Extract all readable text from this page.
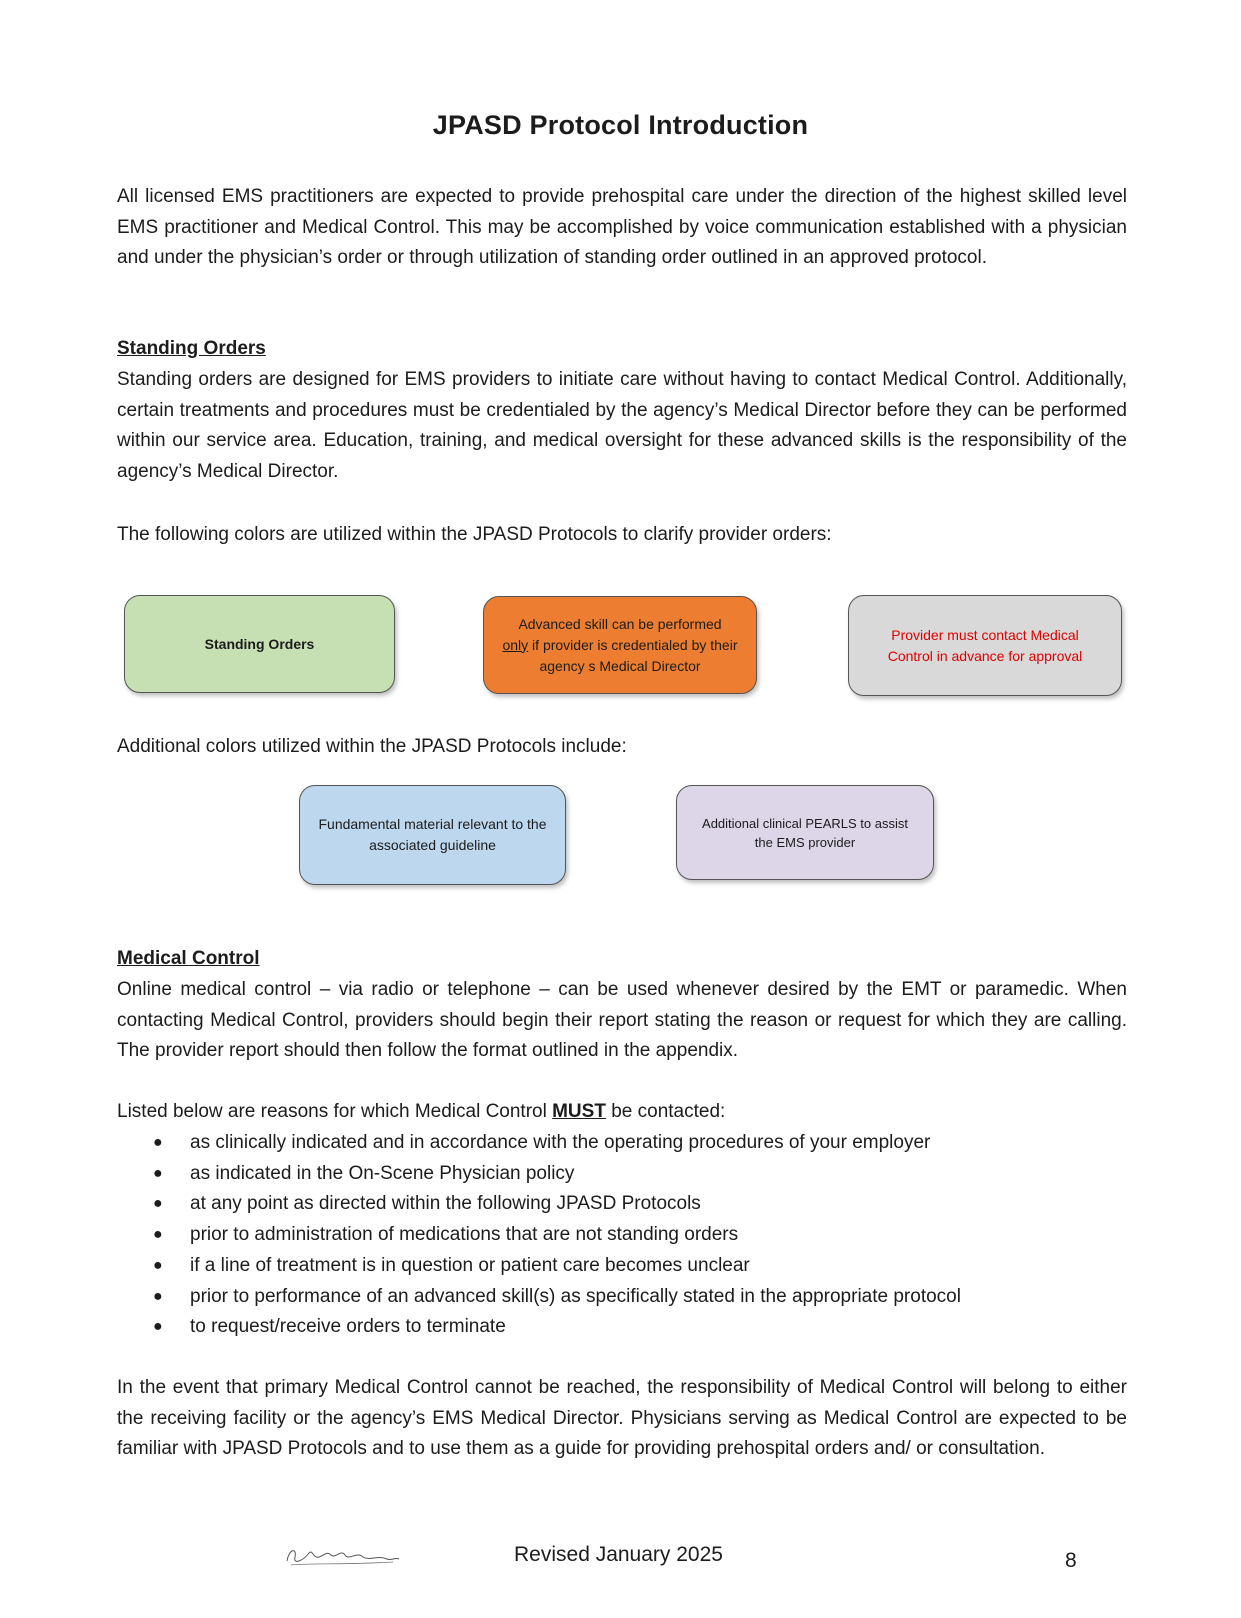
JPASD Protocol Introduction

All licensed EMS practitioners are expected to provide prehospital care under the direction of the highest skilled level EMS practitioner and Medical Control. This may be accomplished by voice communication established with a physician and under the physician’s order or through utilization of standing order outlined in an approved protocol.

Standing Orders

Standing orders are designed for EMS providers to initiate care without having to contact Medical Control. Additionally, certain treatments and procedures must be credentialed by the agency’s Medical Director before they can be performed within our service area. Education, training, and medical oversight for these advanced skills is the responsibility of the agency’s Medical Director.

The following colors are utilized within the JPASD Protocols to clarify provider orders:

Standing Orders
Advanced skill can be performed
only if provider is credentialed by their agency s Medical Director
Provider must contact Medical Control in advance for approval

Additional colors utilized within the JPASD Protocols include:

Fundamental material relevant to the associated guideline
Additional clinical PEARLS to assist the EMS provider

Medical Control

Online medical control – via radio or telephone – can be used whenever desired by the EMT or paramedic. When contacting Medical Control, providers should begin their report stating the reason or request for which they are calling. The provider report should then follow the format outlined in the appendix.

Listed below are reasons for which Medical Control MUST be contacted:

● as clinically indicated and in accordance with the operating procedures of your employer
● as indicated in the On-Scene Physician policy
● at any point as directed within the following JPASD Protocols
● prior to administration of medications that are not standing orders
● if a line of treatment is in question or patient care becomes unclear
● prior to performance of an advanced skill(s) as specifically stated in the appropriate protocol
● to request/receive orders to terminate

In the event that primary Medical Control cannot be reached, the responsibility of Medical Control will belong to either the receiving facility or the agency’s EMS Medical Director. Physicians serving as Medical Control are expected to be familiar with JPASD Protocols and to use them as a guide for providing prehospital orders and/ or consultation.

Revised January 2025	8
